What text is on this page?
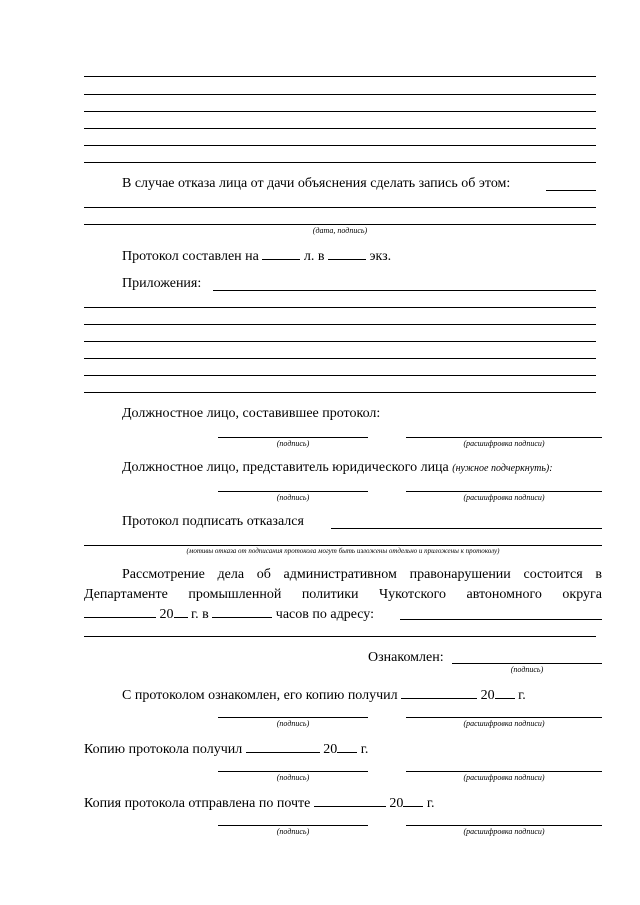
В случае отказа лица от дачи объяснения сделать запись об этом:
(дата, подпись)
Протокол составлен на	л. в	экз.
Приложения:
Должностное лицо, составившее протокол:
(подпись)	(расшифровка подписи)
Должностное лицо, представитель юридического лица (нужное подчеркнуть):
(подпись)	(расшифровка подписи)
Протокол подписать отказался
(мотивы отказа от подписания протокола могут быть изложены отдельно и приложены к протоколу)
Рассмотрение дела об административном правонарушении состоится в
Департаменте промышленной политики Чукотского автономного округа
20 г. в	часов по адресу:
Ознакомлен:
(подпись)
С протоколом ознакомлен, его копию получил	20 г.
(подпись)	(расшифровка подписи)
Копию протокола получил	20 г.
(подпись)	(расшифровка подписи)
Копия протокола отправлена по почте	20 г.
(подпись)	(расшифровка подписи)
